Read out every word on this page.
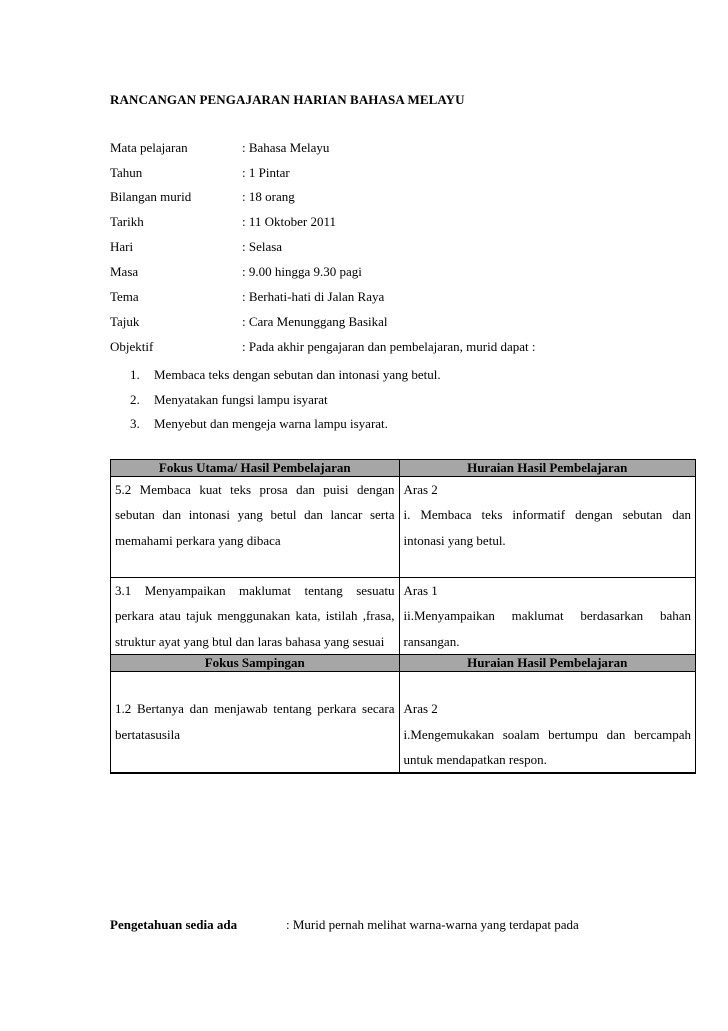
RANCANGAN PENGAJARAN HARIAN BAHASA MELAYU
Mata pelajaran	: Bahasa Melayu
Tahun	: 1 Pintar
Bilangan murid	: 18 orang
Tarikh	: 11 Oktober 2011
Hari	: Selasa
Masa	: 9.00 hingga 9.30 pagi
Tema	: Berhati-hati di Jalan Raya
Tajuk	: Cara Menunggang Basikal
Objektif	: Pada akhir pengajaran dan pembelajaran, murid dapat :
1. Membaca teks dengan sebutan dan intonasi yang betul.
2. Menyatakan fungsi lampu isyarat
3. Menyebut dan mengeja warna lampu isyarat.
Fokus Utama/ Hasil Pembelajaran	Huraian Hasil Pembelajaran
5.2 Membaca kuat teks prosa dan puisi dengan sebutan dan intonasi yang betul dan lancar serta memahami perkara yang dibaca	Aras 2
i. Membaca teks informatif dengan sebutan dan intonasi yang betul.
3.1 Menyampaikan maklumat tentang sesuatu perkara atau tajuk menggunakan kata, istilah ,frasa, struktur ayat yang btul dan laras bahasa yang sesuai	Aras 1
ii.Menyampaikan maklumat berdasarkan bahan ransangan.
Fokus Sampingan	Huraian Hasil Pembelajaran
1.2 Bertanya dan menjawab tentang perkara secara bertatasusila	Aras 2
i.Mengemukakan soalam bertumpu dan bercampah untuk mendapatkan respon.
Pengetahuan sedia ada	: Murid pernah melihat warna-warna yang terdapat pada
